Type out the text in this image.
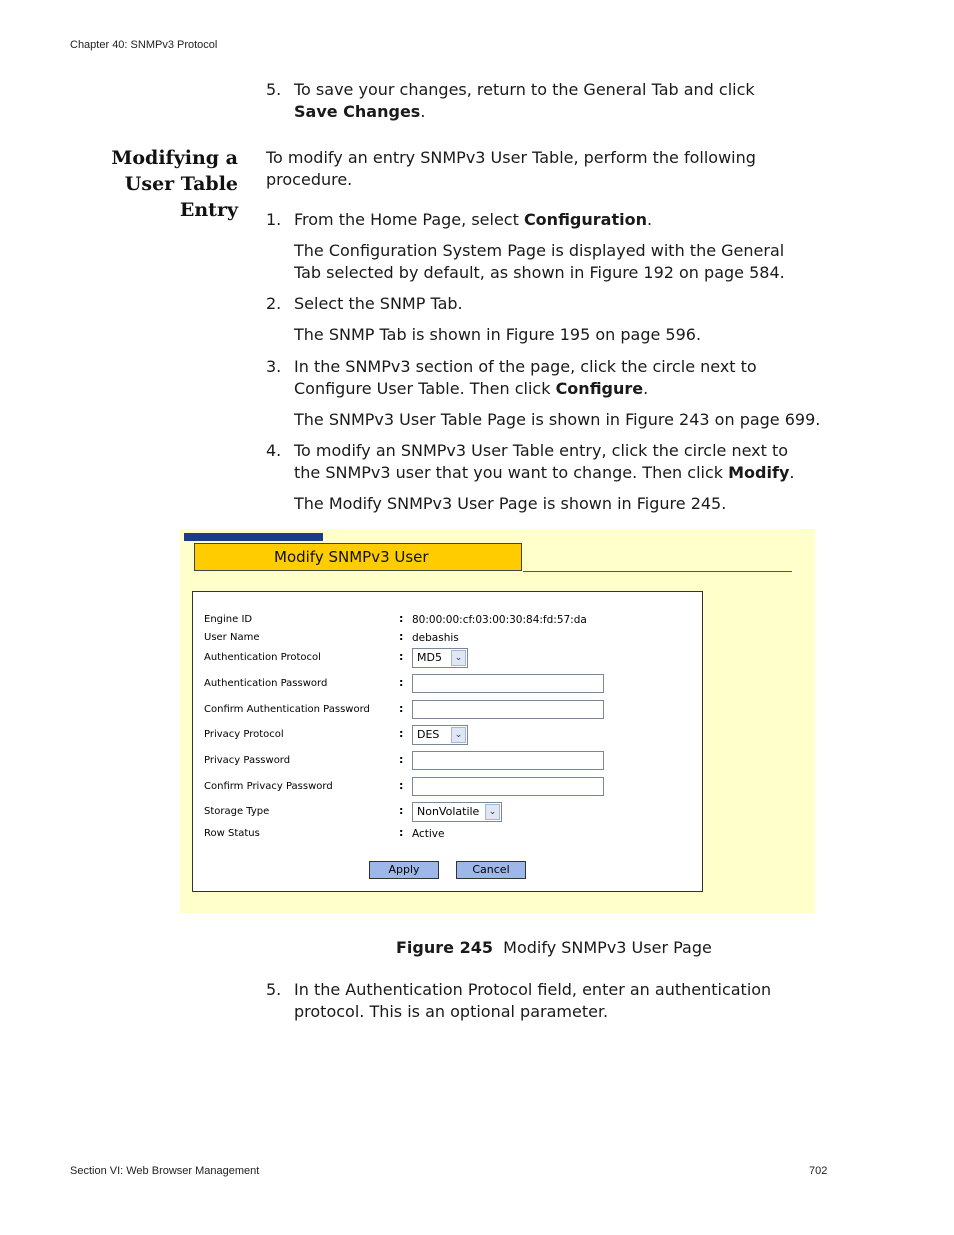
Chapter 40: SNMPv3 Protocol
Section VI: Web Browser Management	702
5. To save your changes, return to the General Tab and click Save Changes.
Modifying a
User Table
Entry
To modify an entry SNMPv3 User Table, perform the following procedure.
1. From the Home Page, select Configuration.
The Configuration System Page is displayed with the General Tab selected by default, as shown in Figure 192 on page 584.
2. Select the SNMP Tab.
The SNMP Tab is shown in Figure 195 on page 596.
3. In the SNMPv3 section of the page, click the circle next to Configure User Table. Then click Configure.
The SNMPv3 User Table Page is shown in Figure 243 on page 699.
4. To modify an SNMPv3 User Table entry, click the circle next to the SNMPv3 user that you want to change. Then click Modify.
The Modify SNMPv3 User Page is shown in Figure 245.
Modify SNMPv3 User
Engine ID	: 80:00:00:cf:03:00:30:84:fd:57:da
User Name	: debashis
Authentication Protocol	:	MD5	⌄
Authentication Password	:
Confirm Authentication Password	:
Privacy Protocol	:	DES	⌄
Privacy Password	:
Confirm Privacy Password	:
Storage Type	:	NonVolatile	⌄
Row Status	: Active
Apply	Cancel
Figure 245 Modify SNMPv3 User Page
5. In the Authentication Protocol field, enter an authentication protocol. This is an optional parameter.
